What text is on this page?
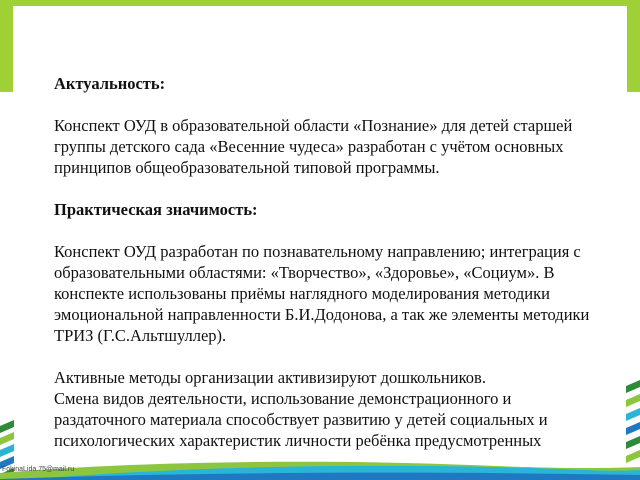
Актуальность:

Конспект ОУД в образовательной области «Познание» для детей старшей группы детского сада «Весенние чудеса» разработан с учётом основных принципов общеобразовательной типовой программы.

Практическая значимость:

Конспект ОУД разработан по познавательному направлению; интеграция с образовательными областями: «Творчество», «Здоровье», «Социум». В конспекте использованы приёмы наглядного моделирования методики эмоциональной направленности Б.И.Додонова, а так же элементы методики ТРИЗ (Г.С.Альтшуллер).

Активные методы организации активизируют дошкольников.

Смена видов деятельности, использование демонстрационного и раздаточного материала способствует развитию у детей социальных и психологических характеристик личности ребёнка предусмотренных

FokinaLida.75@mail.ru
